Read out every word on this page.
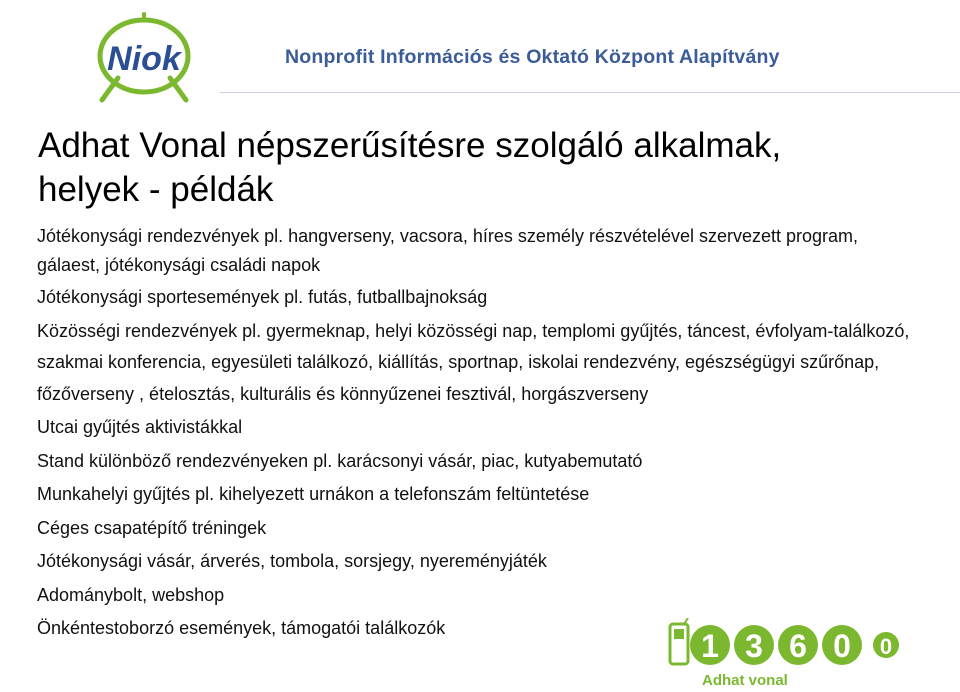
Niok	Nonprofit Információs és Oktató Központ Alapítvány
Adhat Vonal népszerűsítésre szolgáló alkalmak,
helyek - példák
Jótékonysági rendezvények pl. hangverseny, vacsora, híres személy részvételével szervezett program, gálaest, jótékonysági családi napok
Jótékonysági sportesemények pl. futás, futballbajnokság
Közösségi rendezvények pl. gyermeknap, helyi közösségi nap, templomi gyűjtés, táncest, évfolyam-találkozó, szakmai konferencia, egyesületi találkozó, kiállítás, sportnap, iskolai rendezvény, egészségügyi szűrőnap, főzőverseny , ételosztás, kulturális és könnyűzenei fesztivál, horgászverseny
Utcai gyűjtés aktivistákkal
Stand különböző rendezvényeken pl. karácsonyi vásár, piac, kutyabemutató
Munkahelyi gyűjtés pl. kihelyezett urnákon a telefonszám feltüntetése
Céges csapatépítő tréningek
Jótékonysági vásár, árverés, tombola, sorsjegy, nyereményjáték
Adománybolt, webshop
Önkéntestoborzó események, támogatói találkozók	1 3 6 0 0
Adhat vonal
